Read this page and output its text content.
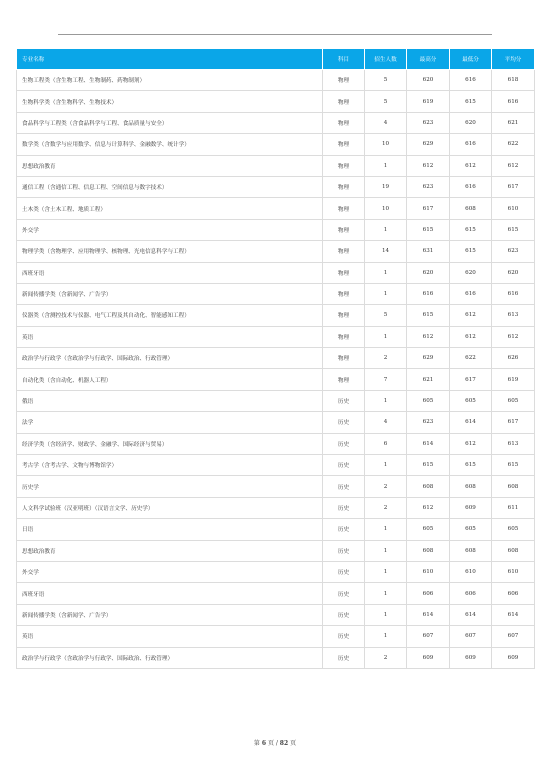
专业名称	科目	招生人数	最高分	最低分	平均分
生物工程类（含生物工程、生物制药、药物制剂）	物理	5	620	616	618
生物科学类（含生物科学、生物技术）	物理	5	619	615	616
食品科学与工程类（含食品科学与工程、食品质量与安全）	物理	4	623	620	621
数学类（含数学与应用数学、信息与计算科学、金融数学、统计学）	物理	10	629	616	622
思想政治教育	物理	1	612	612	612
通信工程（含通信工程、信息工程、空间信息与数字技术）	物理	19	623	616	617
土木类（含土木工程、地质工程）	物理	10	617	608	610
外交学	物理	1	615	615	615
物理学类（含物理学、应用物理学、核物理、光电信息科学与工程）	物理	14	631	615	623
西班牙语	物理	1	620	620	620
新闻传播学类（含新闻学、广告学）	物理	1	616	616	616
仪器类（含测控技术与仪器、电气工程及其自动化、智能感知工程）	物理	5	615	612	613
英语	物理	1	612	612	612
政治学与行政学（含政治学与行政学、国际政治、行政管理）	物理	2	629	622	626
自动化类（含自动化、机器人工程）	物理	7	621	617	619
俄语	历史	1	605	605	605
法学	历史	4	623	614	617
经济学类（含经济学、财政学、金融学、国际经济与贸易）	历史	6	614	612	613
考古学（含考古学、文物与博物馆学）	历史	1	615	615	615
历史学	历史	2	608	608	608
人文科学试验班（汉亚明班）（汉语言文学、历史学）	历史	2	612	609	611
日语	历史	1	605	605	605
思想政治教育	历史	1	608	608	608
外交学	历史	1	610	610	610
西班牙语	历史	1	606	606	606
新闻传播学类（含新闻学、广告学）	历史	1	614	614	614
英语	历史	1	607	607	607
政治学与行政学（含政治学与行政学、国际政治、行政管理）	历史	2	609	609	609
第 6 页 / 82 页
